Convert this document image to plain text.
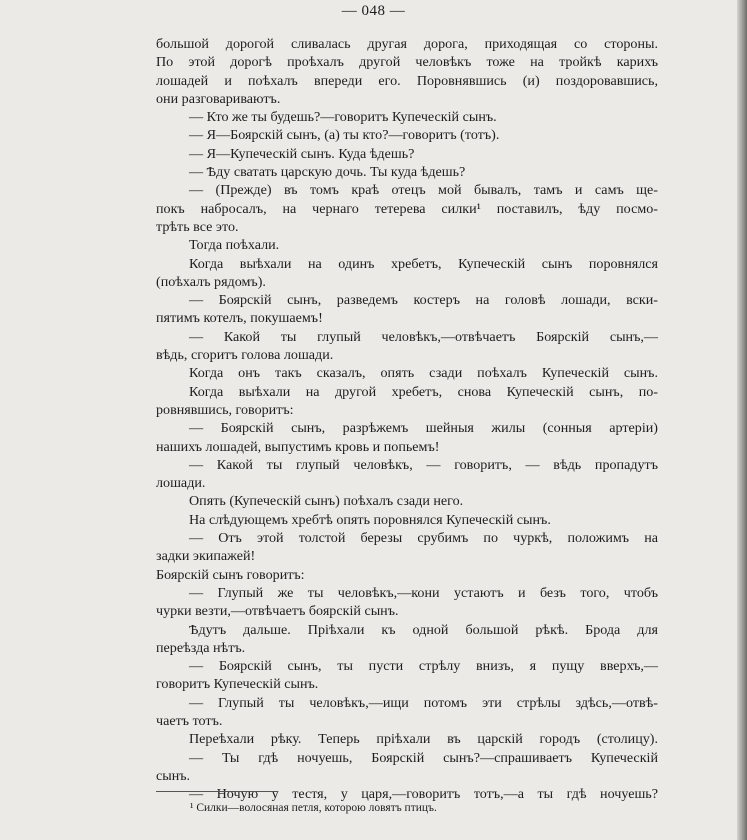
— 048 —
большой дорогой сливалась другая дорога, приходящая со стороны.
По этой дорогѣ проѣхалъ другой человѣкъ тоже на тройкѣ карихъ
лошадей и поѣхалъ впереди его. Поровнявшись (и) поздоровавшись,
они разговариваютъ.
— Кто же ты будешь?—говоритъ Купеческій сынъ.
— Я—Боярскій сынъ, (а) ты кто?—говоритъ (тотъ).
— Я—Купеческій сынъ. Куда ѣдешь?
— Ѣду сватать царскую дочь. Ты куда ѣдешь?
— (Прежде) въ томъ краѣ отецъ мой бывалъ, тамъ и самъ ще-
покъ набросалъ, на чернаго тетерева силки¹ поставилъ, ѣду посмо-
трѣть все это.
Тогда поѣхали.
Когда выѣхали на одинъ хребетъ, Купеческій сынъ поровнялся
(поѣхалъ рядомъ).
— Боярскій сынъ, разведемъ костеръ на головѣ лошади, вски-
пятимъ котелъ, покушаемъ!
— Какой ты глупый человѣкъ,—отвѣчаетъ Боярскій сынъ,—
вѣдь, сгоритъ голова лошади.
Когда онъ такъ сказалъ, опять сзади поѣхалъ Купеческій сынъ.
Когда выѣхали на другой хребетъ, снова Купеческій сынъ, по-
ровнявшись, говоритъ:
— Боярскій сынъ, разрѣжемъ шейныя жилы (сонныя артеріи)
нашихъ лошадей, выпустимъ кровь и попьемъ!
— Какой ты глупый человѣкъ, — говоритъ, — вѣдь пропадутъ
лошади.
Опять (Купеческій сынъ) поѣхалъ сзади него.
На слѣдующемъ хребтѣ опять поровнялся Купеческій сынъ.
— Отъ этой толстой березы срубимъ по чуркѣ, положимъ на
задки экипажей!
Боярскій сынъ говоритъ:
— Глупый же ты человѣкъ,—кони устаютъ и безъ того, чтобъ
чурки везти,—отвѣчаетъ боярскій сынъ.
Ѣдутъ дальше. Пріѣхали къ одной большой рѣкѣ. Брода для
переѣзда нѣтъ.
— Боярскій сынъ, ты пусти стрѣлу внизъ, я пущу вверхъ,—
говоритъ Купеческій сынъ.
— Глупый ты человѣкъ,—ищи потомъ эти стрѣлы здѣсь,—отвѣ-
чаетъ тотъ.
Переѣхали рѣку. Теперь пріѣхали въ царскій городъ (столицу).
— Ты гдѣ ночуешь, Боярскій сынъ?—спрашиваетъ Купеческій
сынъ.
— Ночую у тестя, у царя,—говоритъ тотъ,—а ты гдѣ ночуешь?
¹ Силки—волосяная петля, которою ловятъ птицъ.
